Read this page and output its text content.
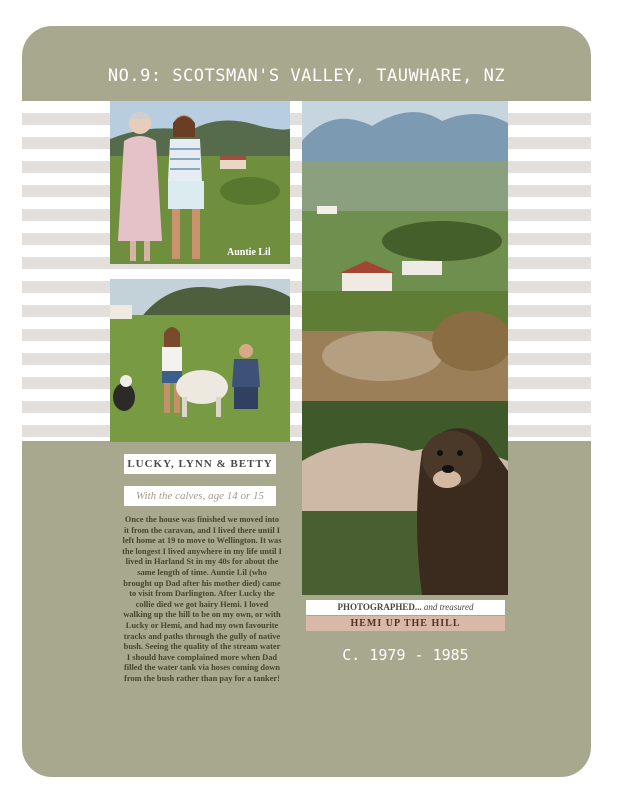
NO.9: SCOTSMAN'S VALLEY, TAUWHARE, NZ
Auntie Lil
LUCKY, LYNN & BETTY
With the calves, age 14 or 15
Once the house was finished we moved into it from the caravan, and I lived there until I left home at 19 to move to Wellington. It was the longest I lived anywhere in my life until I lived in Harland St in my 40s for about the same length of time. Auntie Lil (who brought up Dad after his mother died) came to visit from Darlington. After Lucky the collie died we got hairy Hemi. I loved walking up the hill to be on my own, or with Lucky or Hemi, and had my own favourite tracks and paths through the gully of native bush. Seeing the quality of the stream water I should have complained more when Dad filled the water tank via hoses coming down from the bush rather than pay for a tanker!
PHOTOGRAPHED... and treasured
HEMI UP THE HILL
C. 1979 - 1985
